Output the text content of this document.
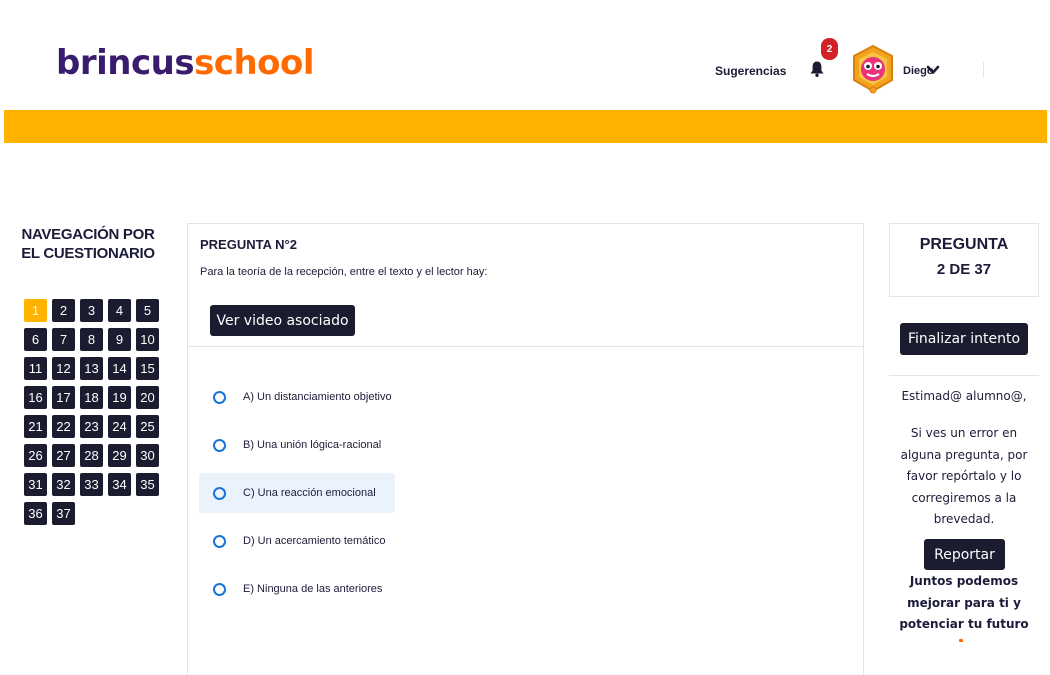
brincusschool	Sugerencias
2
Diego
NAVEGACIÓN POR EL CUESTIONARIO
1	2	3	4	5
6	7	8	9	10
11	12	13	14	15
16	17	18	19	20
21	22	23	24	25
26	27	28	29	30
31	32	33	34	35
36	37
PREGUNTA N°2
Para la teoría de la recepción, entre el texto y el lector hay:
Ver video asociado
A) Un distanciamiento objetivo
B) Una unión lógica-racional
C) Una reacción emocional
D) Un acercamiento temático
E) Ninguna de las anteriores
PREGUNTA
2 DE 37
Finalizar intento
Estimad@ alumno@,
Si ves un error en alguna pregunta, por favor repórtalo y lo corregiremos a la brevedad.
Reportar
Juntos podemos mejorar para ti y potenciar tu futuro
